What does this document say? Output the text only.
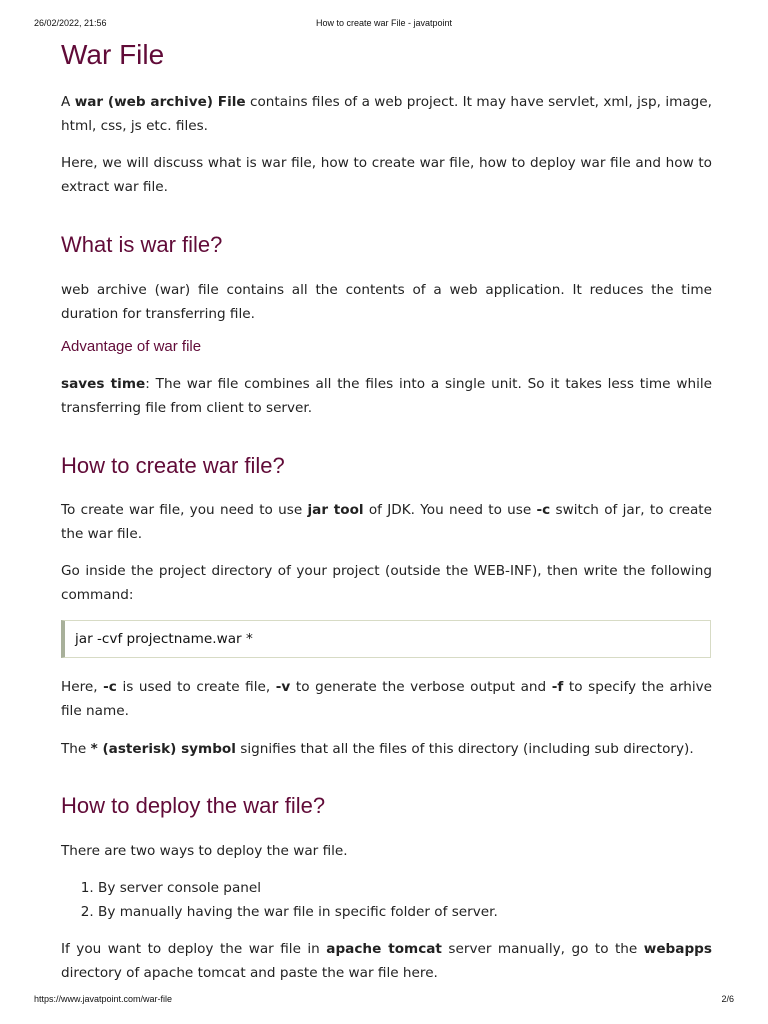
26/02/2022, 21:56	How to create war File - javatpoint
War File

A war (web archive) File contains files of a web project. It may have servlet, xml, jsp, image, html, css, js etc. files.

Here, we will discuss what is war file, how to create war file, how to deploy war file and how to extract war file.

What is war file?

web archive (war) file contains all the contents of a web application. It reduces the time duration for transferring file.

Advantage of war file

saves time: The war file combines all the files into a single unit. So it takes less time while transferring file from client to server.

How to create war file?

To create war file, you need to use jar tool of JDK. You need to use -c switch of jar, to create the war file.

Go inside the project directory of your project (outside the WEB-INF), then write the following command:

jar -cvf projectname.war *

Here, -c is used to create file, -v to generate the verbose output and -f to specify the arhive file name.

The * (asterisk) symbol signifies that all the files of this directory (including sub directory).

How to deploy the war file?

There are two ways to deploy the war file.

1. By server console panel
2. By manually having the war file in specific folder of server.

If you want to deploy the war file in apache tomcat server manually, go to the webapps directory of apache tomcat and paste the war file here.

https://www.javatpoint.com/war-file	2/6
